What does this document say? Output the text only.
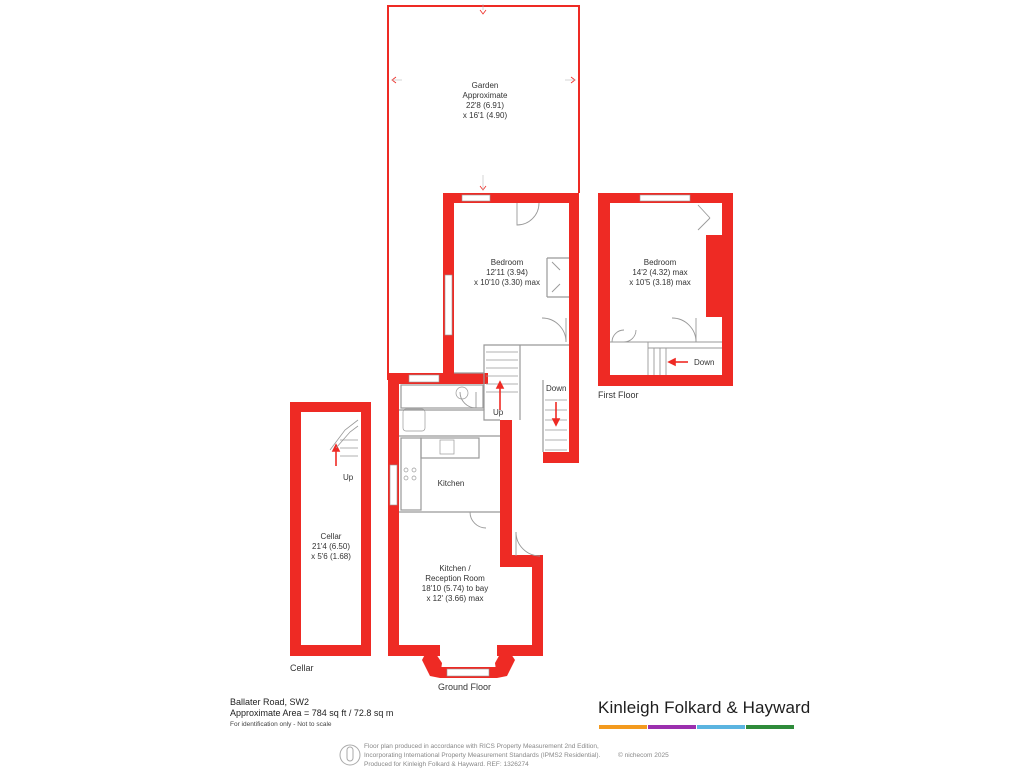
Garden
Approximate
22'8 (6.91)
x 16'1 (4.90)
Bedroom
12'11 (3.94)
x 10'10 (3.30) max
Bedroom
14'2 (4.32) max
x 10'5 (3.18) max
Kitchen
Kitchen /
Reception Room
18'10 (5.74) to bay
x 12' (3.66) max
Cellar
21'4 (6.50)
x 5'6 (1.68)
Up
Down
Down
Up
Ground Floor
First Floor
Cellar
Ballater Road, SW2
Approximate Area = 784 sq ft / 72.8 sq m
For identification only - Not to scale
Kinleigh Folkard & Hayward
Floor plan produced in accordance with RICS Property Measurement 2nd Edition,
Incorporating International Property Measurement Standards (IPMS2 Residential).
Produced for Kinleigh Folkard & Hayward. REF: 1326274
© nichecom 2025
